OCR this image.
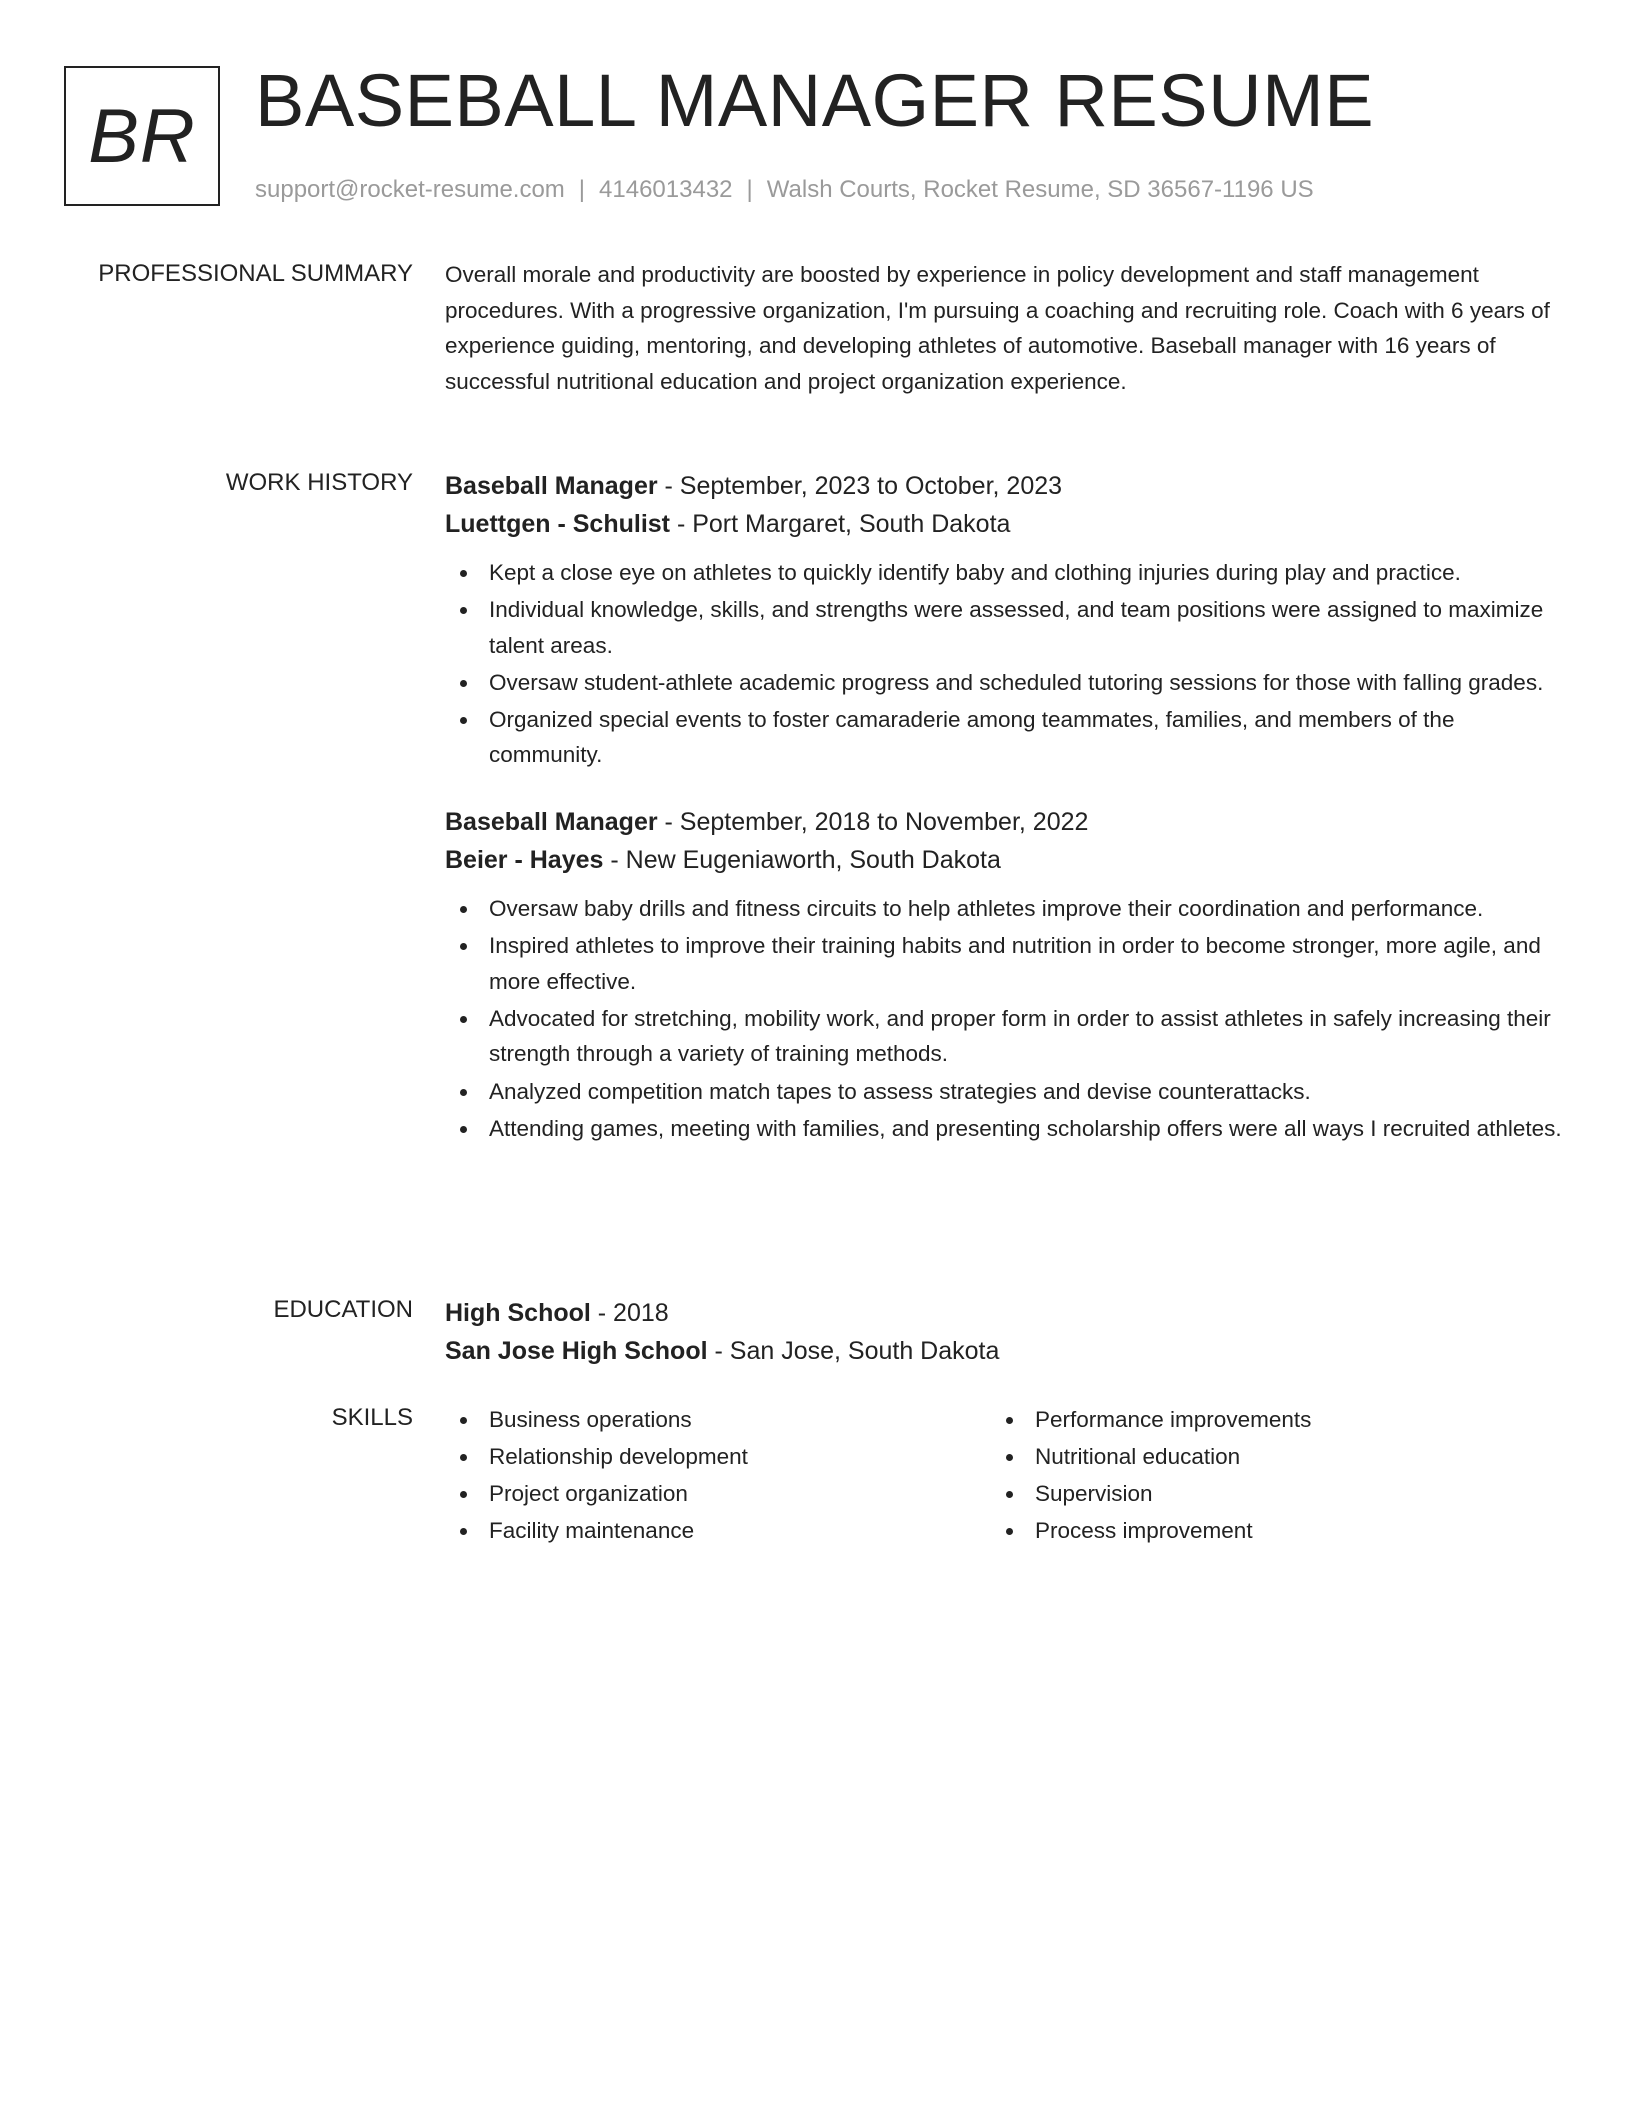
BR BASEBALL MANAGER RESUME
support@rocket-resume.com | 4146013432 | Walsh Courts, Rocket Resume, SD 36567-1196 US
PROFESSIONAL SUMMARY Overall morale and productivity are boosted by experience in policy development and staff management procedures. With a progressive organization, I'm pursuing a coaching and recruiting role. Coach with 6 years of experience guiding, mentoring, and developing athletes of automotive. Baseball manager with 16 years of successful nutritional education and project organization experience.

WORK HISTORY Baseball Manager - September, 2023 to October, 2023
Luettgen - Schulist - Port Margaret, South Dakota
Kept a close eye on athletes to quickly identify baby and clothing injuries during play and practice.
Individual knowledge, skills, and strengths were assessed, and team positions were assigned to maximize talent areas.
Oversaw student-athlete academic progress and scheduled tutoring sessions for those with falling grades.
Organized special events to foster camaraderie among teammates, families, and members of the community.
Baseball Manager - September, 2018 to November, 2022
Beier - Hayes - New Eugeniaworth, South Dakota
Oversaw baby drills and fitness circuits to help athletes improve their coordination and performance.
Inspired athletes to improve their training habits and nutrition in order to become stronger, more agile, and more effective.
Advocated for stretching, mobility work, and proper form in order to assist athletes in safely increasing their strength through a variety of training methods.
Analyzed competition match tapes to assess strategies and devise counterattacks.
Attending games, meeting with families, and presenting scholarship offers were all ways I recruited athletes.
EDUCATION High School - 2018
San Jose High School - San Jose, South Dakota
SKILLS	Business operations
Relationship development
Project organization
Facility maintenance
Performance improvements
Nutritional education
Supervision
Process improvement
